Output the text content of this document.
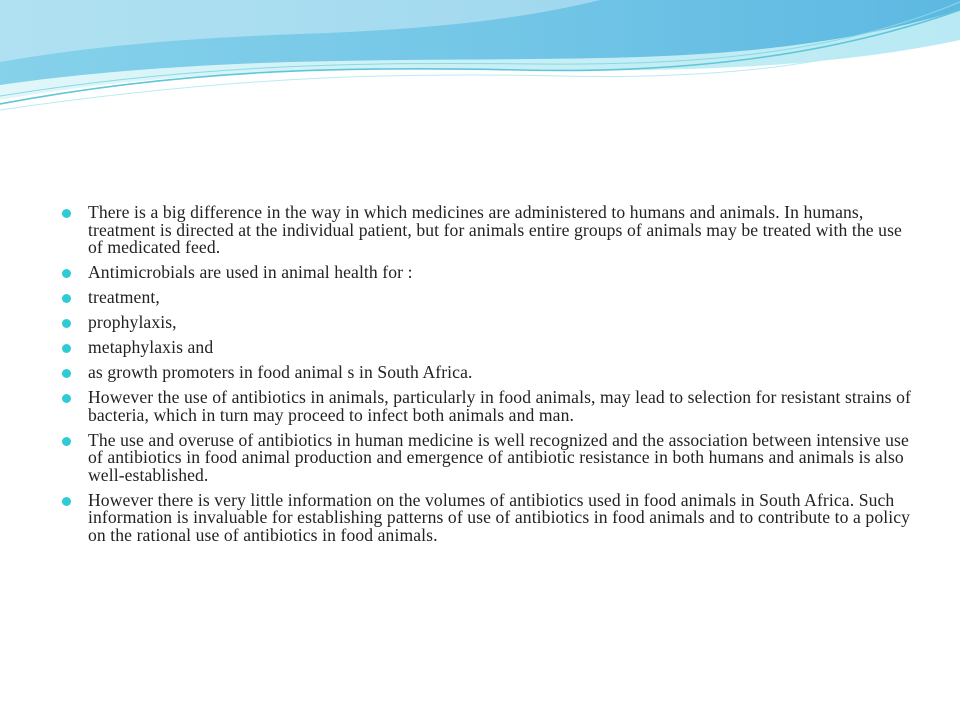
There is a big difference in the way in which medicines are administered to humans and animals. In humans, treatment is directed at the individual patient, but for animals entire groups of animals may be treated with the use of medicated feed.
Antimicrobials are used in animal health for :
treatment,
prophylaxis,
metaphylaxis and
as growth promoters in food animal s in South Africa.
However the use of antibiotics in animals, particularly in food animals, may lead to selection for resistant strains of bacteria, which in turn may proceed to infect both animals and man.
The use and overuse of antibiotics in human medicine is well recognized and the association between intensive use of antibiotics in food animal production and emergence of antibiotic resistance in both humans and animals is also well-established.
However there is very little information on the volumes of antibiotics used in food animals in South Africa. Such information is invaluable for establishing patterns of use of antibiotics in food animals and to contribute to a policy on the rational use of antibiotics in food animals.
